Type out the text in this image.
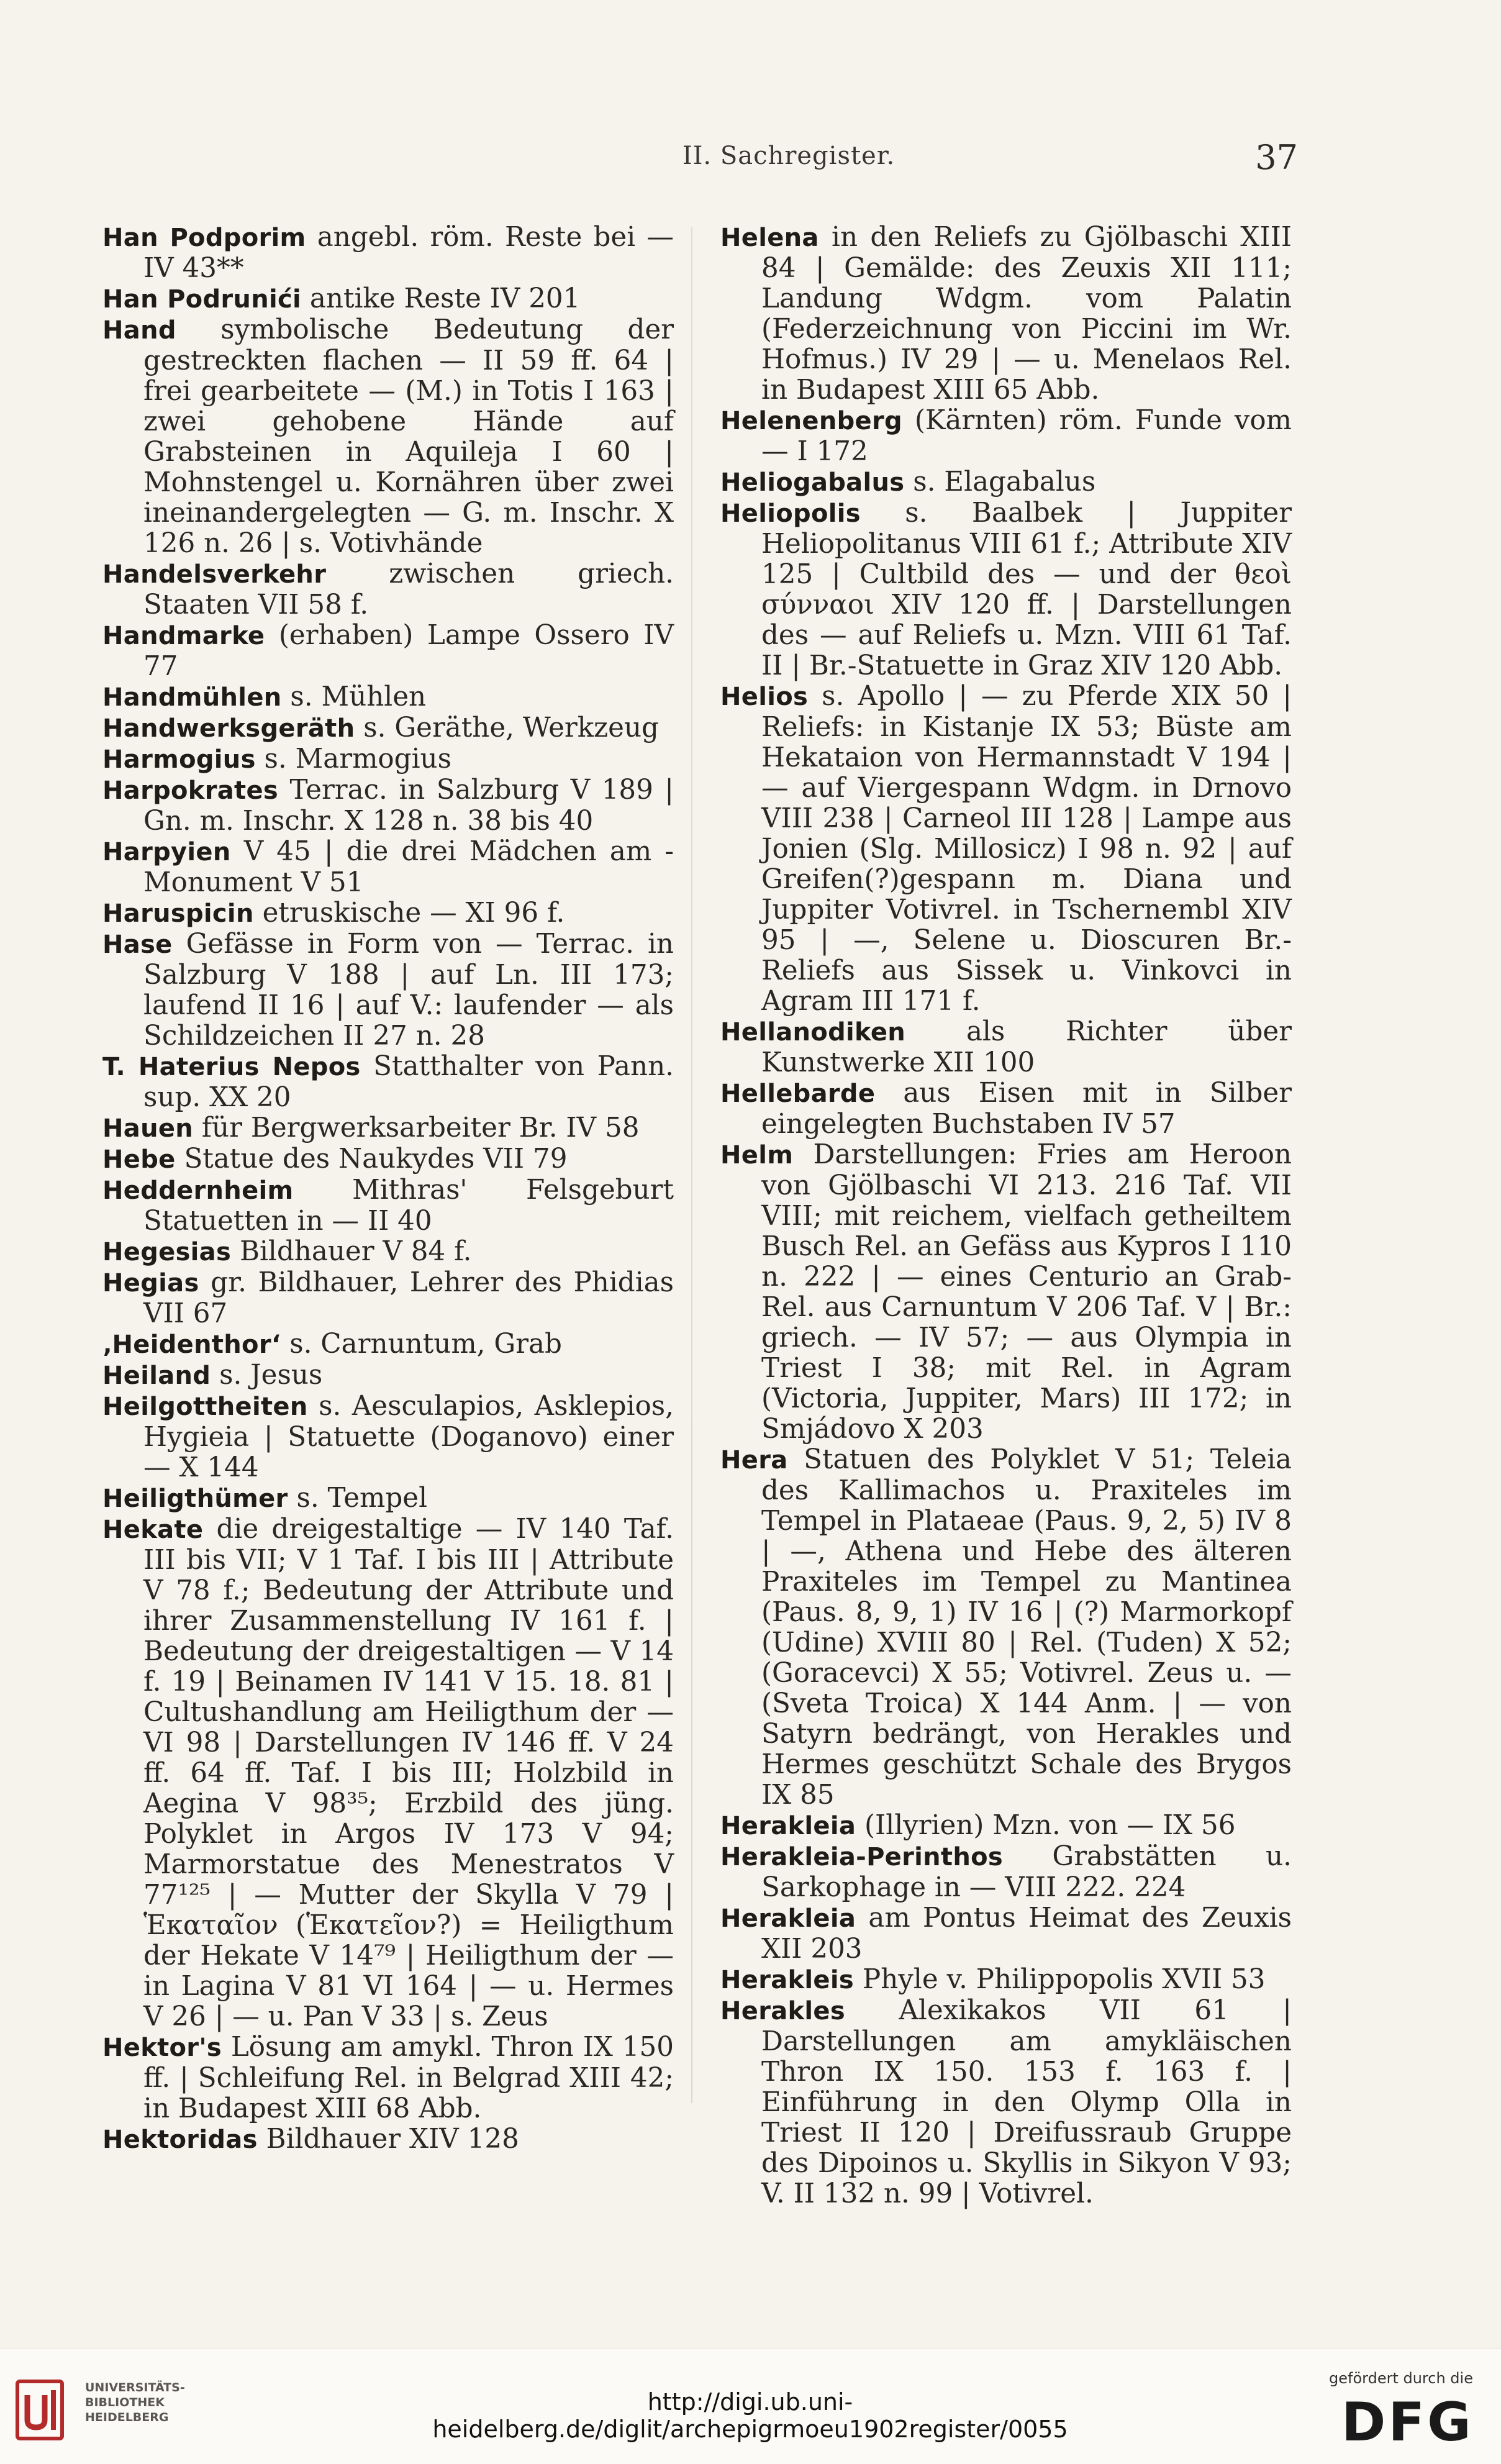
II. Sachregister.	37
Han Podporim angebl. röm. Reste bei — IV 43**
Han Podrunići antike Reste IV 201
Hand symbolische Bedeutung der gestreckten flachen — II 59 ff. 64 | frei gearbeitete — (M.) in Totis I 163 | zwei gehobene Hände auf Grabsteinen in Aquileja I 60 | Mohnstengel u. Kornähren über zwei ineinandergelegten — G. m. Inschr. X 126 n. 26 | s. Votivhände
Handelsverkehr zwischen griech. Staaten VII 58 f.
Handmarke (erhaben) Lampe Ossero IV 77
Handmühlen s. Mühlen
Handwerksgeräth s. Geräthe, Werkzeug
Harmogius s. Marmogius
Harpokrates Terrac. in Salzburg V 189 | Gn. m. Inschr. X 128 n. 38 bis 40
Harpyien V 45 | die drei Mädchen am -Monument V 51
Haruspicin etruskische — XI 96 f.
Hase Gefässe in Form von — Terrac. in Salzburg V 188 | auf Ln. III 173; laufend II 16 | auf V.: laufender — als Schildzeichen II 27 n. 28
T. Haterius Nepos Statthalter von Pann. sup. XX 20
Hauen für Bergwerksarbeiter Br. IV 58
Hebe Statue des Naukydes VII 79
Heddernheim Mithras' Felsgeburt Statuetten in — II 40
Hegesias Bildhauer V 84 f.
Hegias gr. Bildhauer, Lehrer des Phidias VII 67
‚Heidenthor‘ s. Carnuntum, Grab
Heiland s. Jesus
Heilgottheiten s. Aesculapios, Asklepios, Hygieia | Statuette (Doganovo) einer — X 144
Heiligthümer s. Tempel
Hekate die dreigestaltige — IV 140 Taf. III bis VII; V 1 Taf. I bis III | Attribute V 78 f.; Bedeutung der Attribute und ihrer Zusammenstellung IV 161 f. | Bedeutung der dreigestaltigen — V 14 f. 19 | Beinamen IV 141 V 15. 18. 81 | Cultushandlung am Heiligthum der — VI 98 | Darstellungen IV 146 ff. V 24 ff. 64 ff. Taf. I bis III; Holzbild in Aegina V 98³⁵; Erzbild des jüng. Polyklet in Argos IV 173 V 94; Marmorstatue des Menestratos V 77¹²⁵ | — Mutter der Skylla V 79 | Ἑκαταῖον (Ἑκατεῖον?) = Heiligthum der Hekate V 14⁷⁹ | Heiligthum der — in Lagina V 81 VI 164 | — u. Hermes V 26 | — u. Pan V 33 | s. Zeus
Hektor's Lösung am amykl. Thron IX 150 ff. | Schleifung Rel. in Belgrad XIII 42; in Budapest XIII 68 Abb.
Hektoridas Bildhauer XIV 128
Helena in den Reliefs zu Gjölbaschi XIII 84 | Gemälde: des Zeuxis XII 111; Landung Wdgm. vom Palatin (Federzeichnung von Piccini im Wr. Hofmus.) IV 29 | — u. Menelaos Rel. in Budapest XIII 65 Abb.
Helenenberg (Kärnten) röm. Funde vom — I 172
Heliogabalus s. Elagabalus
Heliopolis s. Baalbek | Juppiter Heliopolitanus VIII 61 f.; Attribute XIV 125 | Cultbild des — und der θεοὶ σύνναοι XIV 120 ff. | Darstellungen des — auf Reliefs u. Mzn. VIII 61 Taf. II | Br.-Statuette in Graz XIV 120 Abb.
Helios s. Apollo | — zu Pferde XIX 50 | Reliefs: in Kistanje IX 53; Büste am Hekataion von Hermannstadt V 194 | — auf Viergespann Wdgm. in Drnovo VIII 238 | Carneol III 128 | Lampe aus Jonien (Slg. Millosicz) I 98 n. 92 | auf Greifen(?)gespann m. Diana und Juppiter Votivrel. in Tschernembl XIV 95 | —, Selene u. Dioscuren Br.-Reliefs aus Sissek u. Vinkovci in Agram III 171 f.
Hellanodiken als Richter über Kunstwerke XII 100
Hellebarde aus Eisen mit in Silber eingelegten Buchstaben IV 57
Helm Darstellungen: Fries am Heroon von Gjölbaschi VI 213. 216 Taf. VII VIII; mit reichem, vielfach getheiltem Busch Rel. an Gefäss aus Kypros I 110 n. 222 | — eines Centurio an Grab-Rel. aus Carnuntum V 206 Taf. V | Br.: griech. — IV 57; — aus Olympia in Triest I 38; mit Rel. in Agram (Victoria, Juppiter, Mars) III 172; in Smjádovo X 203
Hera Statuen des Polyklet V 51; Teleia des Kallimachos u. Praxiteles im Tempel in Plataeae (Paus. 9, 2, 5) IV 8 | —, Athena und Hebe des älteren Praxiteles im Tempel zu Mantinea (Paus. 8, 9, 1) IV 16 | (?) Marmorkopf (Udine) XVIII 80 | Rel. (Tuden) X 52; (Goracevci) X 55; Votivrel. Zeus u. — (Sveta Troica) X 144 Anm. | — von Satyrn bedrängt, von Herakles und Hermes geschützt Schale des Brygos IX 85
Herakleia (Illyrien) Mzn. von — IX 56
Herakleia-Perinthos Grabstätten u. Sarkophage in — VIII 222. 224
Herakleia am Pontus Heimat des Zeuxis XII 203
Herakleis Phyle v. Philippopolis XVII 53
Herakles Alexikakos VII 61 | Darstellungen am amykläischen Thron IX 150. 153 f. 163 f. | Einführung in den Olymp Olla in Triest II 120 | Dreifussraub Gruppe des Dipoinos u. Skyllis in Sikyon V 93; V. II 132 n. 99 | Votivrel.
UNIVERSITÄTS-
BIBLIOTHEK
HEIDELBERG
http://digi.ub.uni-heidelberg.de/diglit/archepigrmoeu1902register/0055
gefördert durch die
DFG
